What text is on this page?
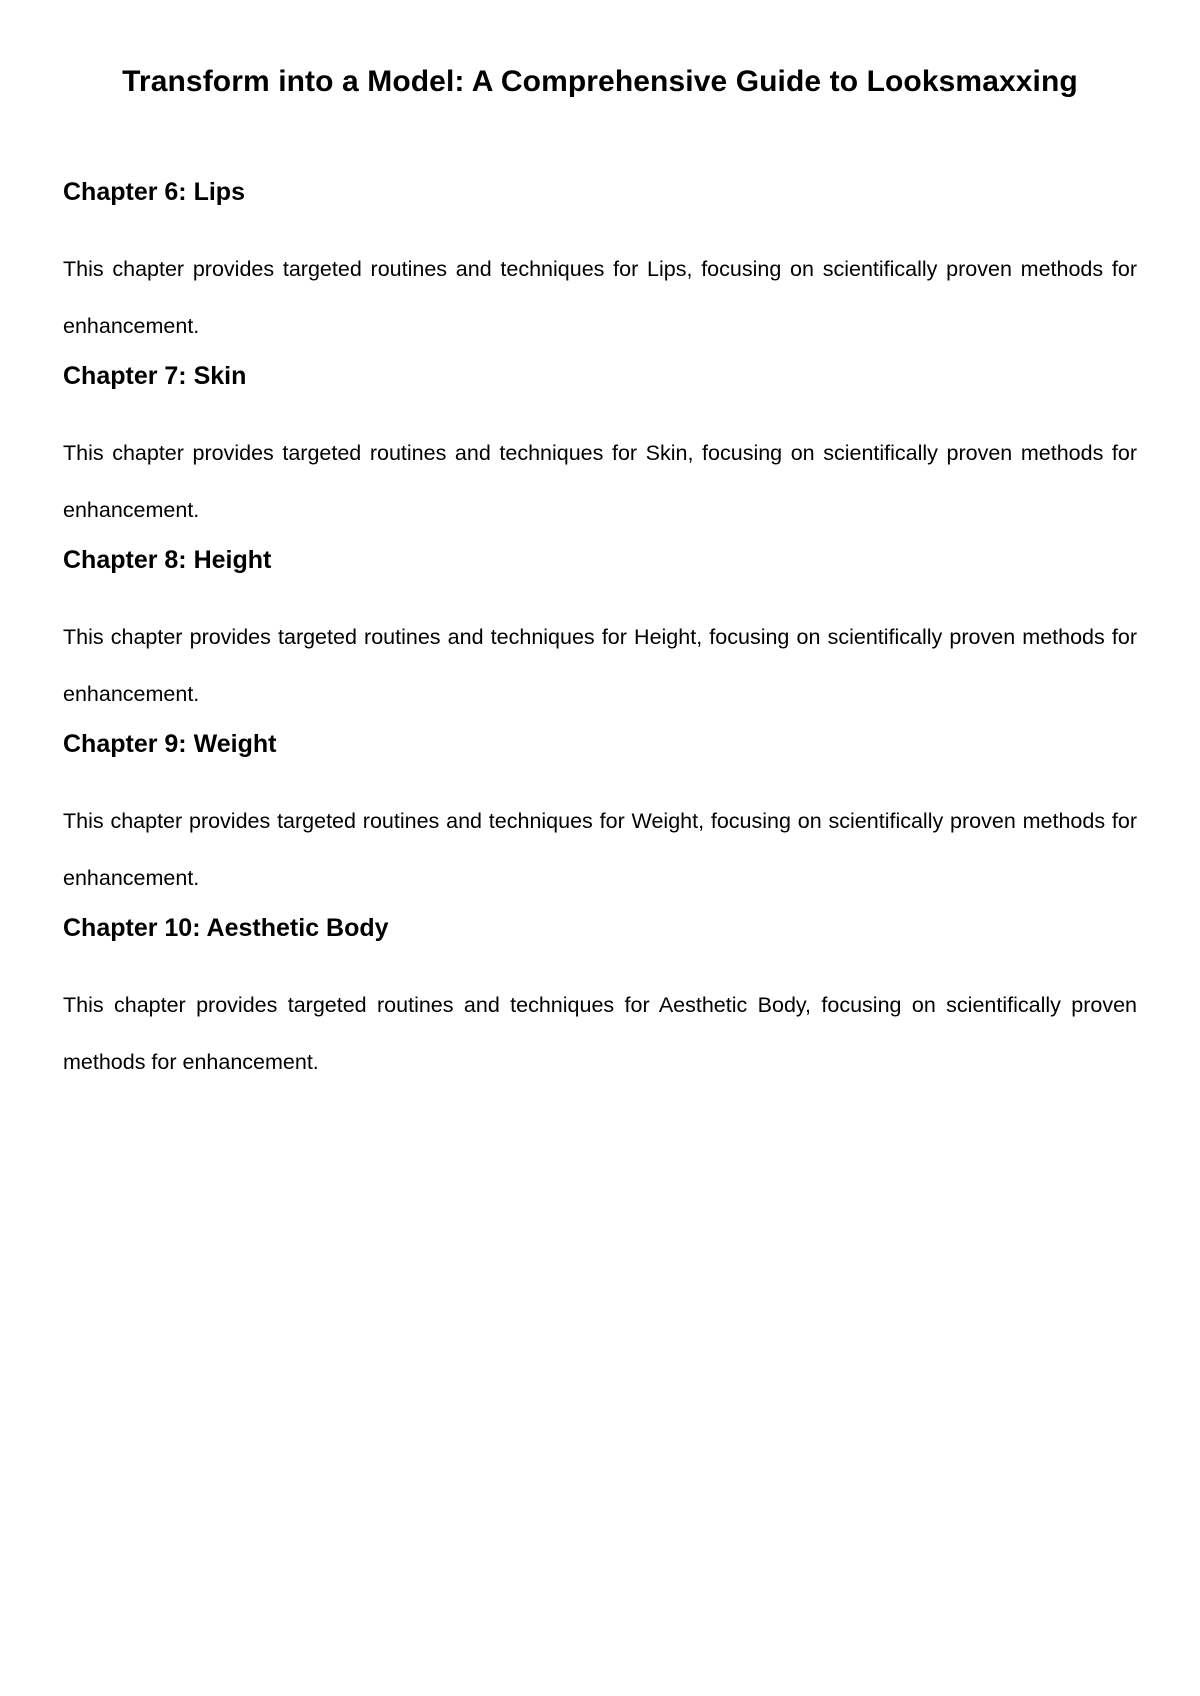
Transform into a Model: A Comprehensive Guide to Looksmaxxing
Chapter 6: Lips

This chapter provides targeted routines and techniques for Lips, focusing on scientifically proven methods for enhancement.

Chapter 7: Skin

This chapter provides targeted routines and techniques for Skin, focusing on scientifically proven methods for enhancement.

Chapter 8: Height

This chapter provides targeted routines and techniques for Height, focusing on scientifically proven methods for enhancement.

Chapter 9: Weight

This chapter provides targeted routines and techniques for Weight, focusing on scientifically proven methods for enhancement.

Chapter 10: Aesthetic Body

This chapter provides targeted routines and techniques for Aesthetic Body, focusing on scientifically proven methods for enhancement.
